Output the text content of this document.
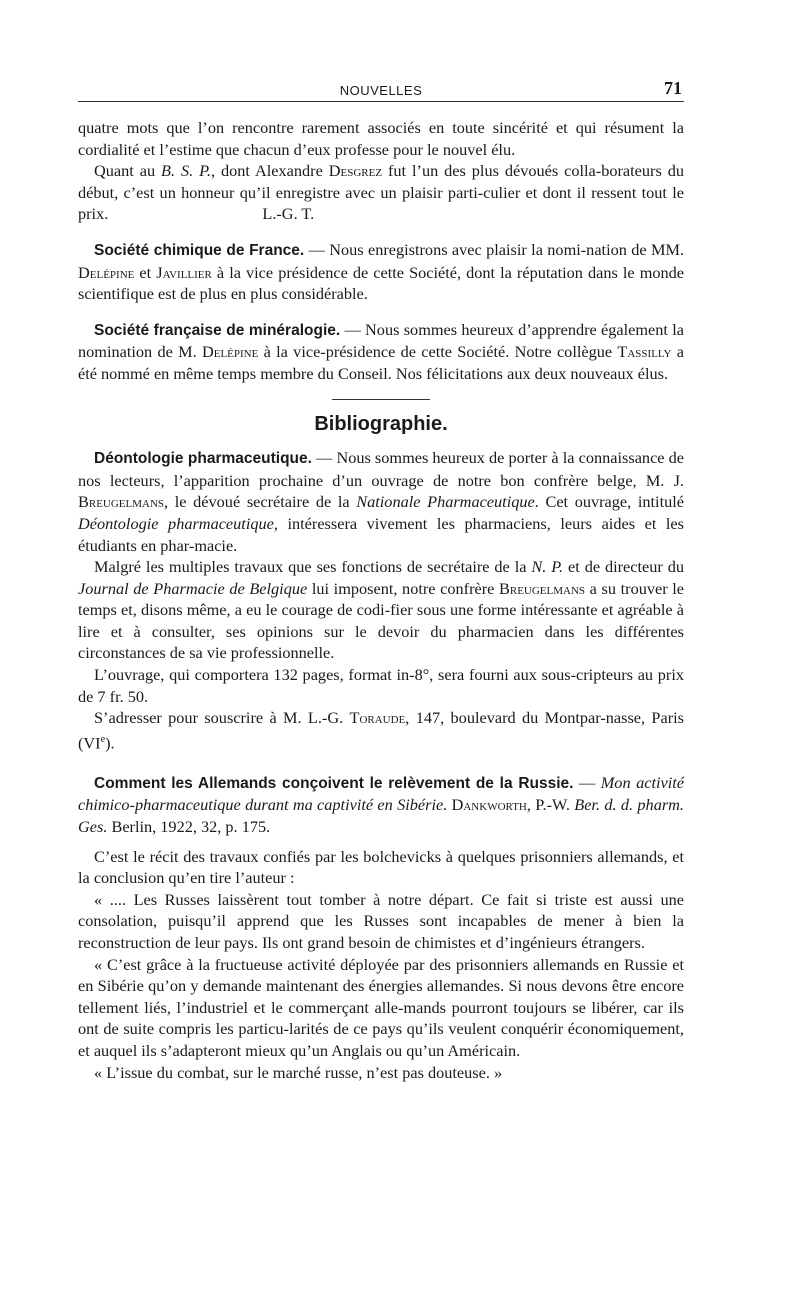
NOUVELLES	71

quatre mots que l’on rencontre rarement associés en toute sincérité et qui résument la cordialité et l’estime que chacun d’eux professe pour le nouvel élu.

Quant au B. S. P., dont Alexandre Desgrez fut l’un des plus dévoués colla-borateurs du début, c’est un honneur qu’il enregistre avec un plaisir parti-culier et dont il ressent tout le prix.	L.-G. T.

Société chimique de France. — Nous enregistrons avec plaisir la nomi-nation de MM. Delépine et Javillier à la vice présidence de cette Société, dont la réputation dans le monde scientifique est de plus en plus considérable.

Société française de minéralogie. — Nous sommes heureux d’apprendre également la nomination de M. Delépine à la vice-présidence de cette Société. Notre collègue Tassilly a été nommé en même temps membre du Conseil. Nos félicitations aux deux nouveaux élus.

Bibliographie.

Déontologie pharmaceutique. — Nous sommes heureux de porter à la connaissance de nos lecteurs, l’apparition prochaine d’un ouvrage de notre bon confrère belge, M. J. Breugelmans, le dévoué secrétaire de la Nationale Pharmaceutique. Cet ouvrage, intitulé Déontologie pharmaceutique, intéressera vivement les pharmaciens, leurs aides et les étudiants en phar-macie.

Malgré les multiples travaux que ses fonctions de secrétaire de la N. P. et de directeur du Journal de Pharmacie de Belgique lui imposent, notre confrère Breugelmans a su trouver le temps et, disons même, a eu le courage de codi-fier sous une forme intéressante et agréable à lire et à consulter, ses opinions sur le devoir du pharmacien dans les différentes circonstances de sa vie professionnelle.

L’ouvrage, qui comportera 132 pages, format in-8°, sera fourni aux sous-cripteurs au prix de 7 fr. 50.

S’adresser pour souscrire à M. L.-G. Toraude, 147, boulevard du Montpar-nasse, Paris (VIe).

Comment les Allemands conçoivent le relèvement de la Russie. — Mon activité chimico-pharmaceutique durant ma captivité en Sibérie. Dankworth, P.-W. Ber. d. d. pharm. Ges. Berlin, 1922, 32, p. 175.

C’est le récit des travaux confiés par les bolchevicks à quelques prisonniers allemands, et la conclusion qu’en tire l’auteur :

« .... Les Russes laissèrent tout tomber à notre départ. Ce fait si triste est aussi une consolation, puisqu’il apprend que les Russes sont incapables de mener à bien la reconstruction de leur pays. Ils ont grand besoin de chimistes et d’ingénieurs étrangers.

« C’est grâce à la fructueuse activité déployée par des prisonniers allemands en Russie et en Sibérie qu’on y demande maintenant des énergies allemandes. Si nous devons être encore tellement liés, l’industriel et le commerçant alle-mands pourront toujours se libérer, car ils ont de suite compris les particu-larités de ce pays qu’ils veulent conquérir économiquement, et auquel ils s’adapteront mieux qu’un Anglais ou qu’un Américain.

« L’issue du combat, sur le marché russe, n’est pas douteuse. »
